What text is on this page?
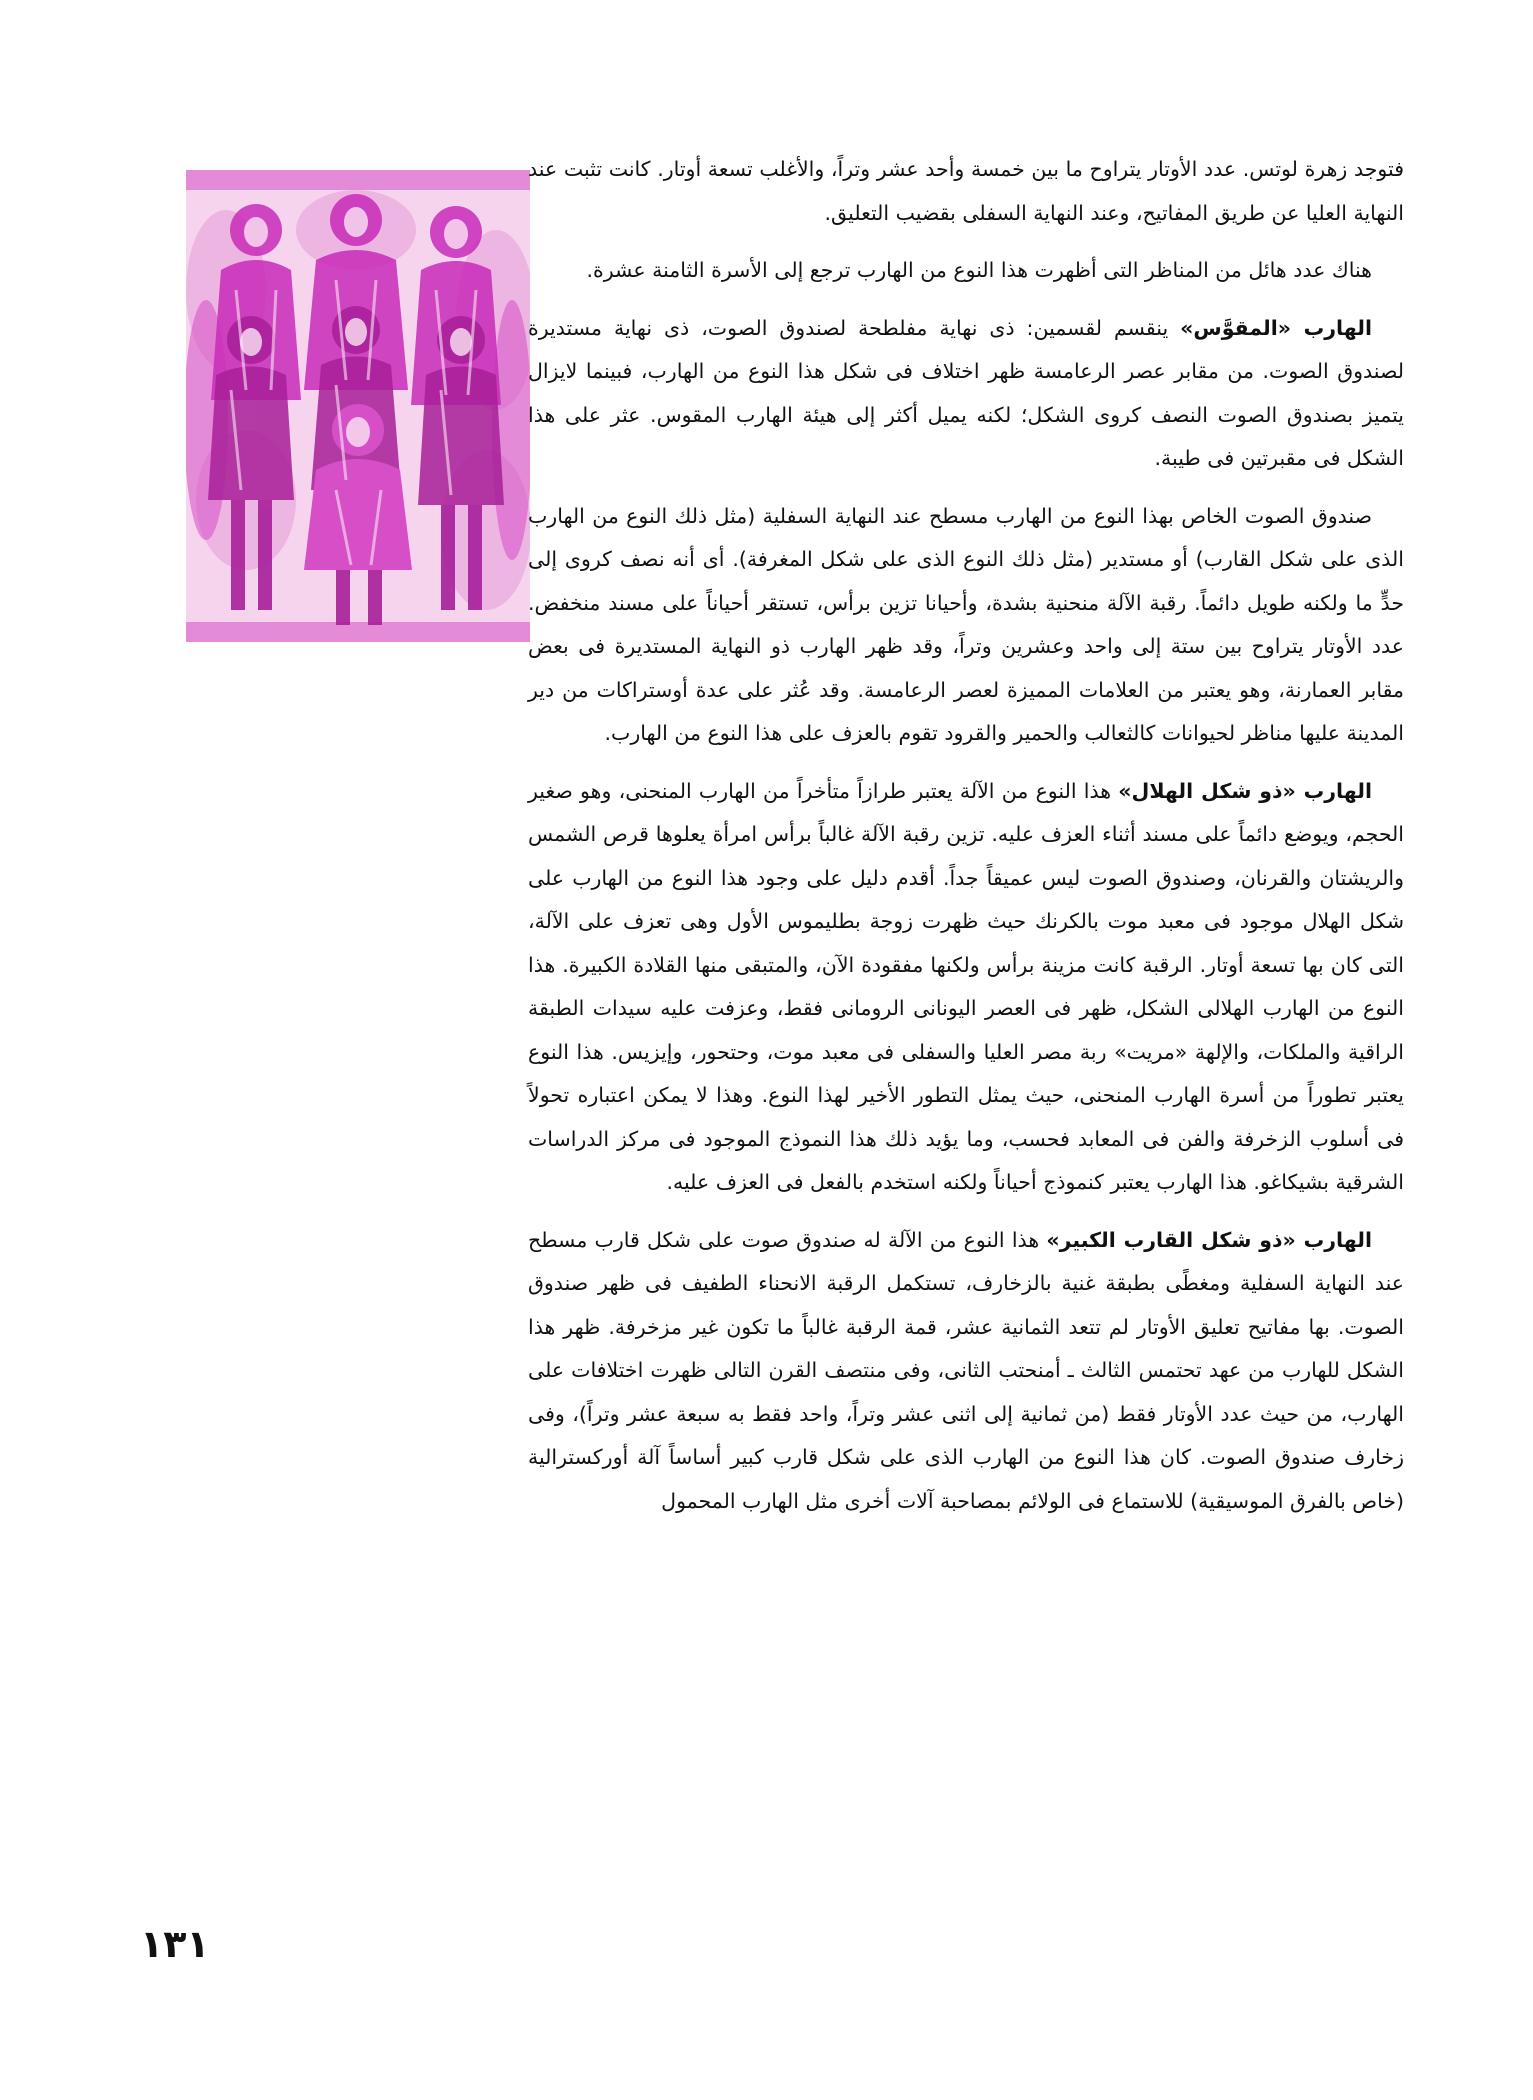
فتوجد زهرة لوتس. عدد الأوتار يتراوح ما بين خمسة وأحد عشر وتراً، والأغلب تسعة أوتار. كانت تثبت عند النهاية العليا عن طريق المفاتيح، وعند النهاية السفلى بقضيب التعليق.

هناك عدد هائل من المناظر التى أظهرت هذا النوع من الهارب ترجع إلى الأسرة الثامنة عشرة.

الهارب «المقوَّس» ينقسم لقسمين: ذى نهاية مفلطحة لصندوق الصوت، ذى نهاية مستديرة لصندوق الصوت. من مقابر عصر الرعامسة ظهر اختلاف فى شكل هذا النوع من الهارب، فبينما لايزال يتميز بصندوق الصوت النصف كروى الشكل؛ لكنه يميل أكثر إلى هيئة الهارب المقوس. عثر على هذا الشكل فى مقبرتين فى طيبة.

صندوق الصوت الخاص بهذا النوع من الهارب مسطح عند النهاية السفلية (مثل ذلك النوع من الهارب الذى على شكل القارب) أو مستدير (مثل ذلك النوع الذى على شكل المغرفة). أى أنه نصف كروى إلى حدٍّ ما ولكنه طويل دائماً. رقبة الآلة منحنية بشدة، وأحيانا تزين برأس، تستقر أحياناً على مسند منخفض. عدد الأوتار يتراوح بين ستة إلى واحد وعشرين وتراً، وقد ظهر الهارب ذو النهاية المستديرة فى بعض مقابر العمارنة، وهو يعتبر من العلامات المميزة لعصر الرعامسة. وقد عُثر على عدة أوستراكات من دير المدينة عليها مناظر لحيوانات كالثعالب والحمير والقرود تقوم بالعزف على هذا النوع من الهارب.

الهارب «ذو شكل الهلال» هذا النوع من الآلة يعتبر طرازاً متأخراً من الهارب المنحنى، وهو صغير الحجم، ويوضع دائماً على مسند أثناء العزف عليه. تزين رقبة الآلة غالباً برأس امرأة يعلوها قرص الشمس والريشتان والقرنان، وصندوق الصوت ليس عميقاً جداً. أقدم دليل على وجود هذا النوع من الهارب على شكل الهلال موجود فى معبد موت بالكرنك حيث ظهرت زوجة بطليموس الأول وهى تعزف على الآلة، التى كان بها تسعة أوتار. الرقبة كانت مزينة برأس ولكنها مفقودة الآن، والمتبقى منها القلادة الكبيرة. هذا النوع من الهارب الهلالى الشكل، ظهر فى العصر اليونانى الرومانى فقط، وعزفت عليه سيدات الطبقة الراقية والملكات، والإلهة «مريت» ربة مصر العليا والسفلى فى معبد موت، وحتحور، وإيزيس. هذا النوع يعتبر تطوراً من أسرة الهارب المنحنى، حيث يمثل التطور الأخير لهذا النوع. وهذا لا يمكن اعتباره تحولاً فى أسلوب الزخرفة والفن فى المعابد فحسب، وما يؤيد ذلك هذا النموذج الموجود فى مركز الدراسات الشرقية بشيكاغو. هذا الهارب يعتبر كنموذج أحياناً ولكنه استخدم بالفعل فى العزف عليه.

الهارب «ذو شكل القارب الكبير» هذا النوع من الآلة له صندوق صوت على شكل قارب مسطح عند النهاية السفلية ومغطًى بطبقة غنية بالزخارف، تستكمل الرقبة الانحناء الطفيف فى ظهر صندوق الصوت. بها مفاتيح تعليق الأوتار لم تتعد الثمانية عشر، قمة الرقبة غالباً ما تكون غير مزخرفة. ظهر هذا الشكل للهارب من عهد تحتمس الثالث ـ أمنحتب الثانى، وفى منتصف القرن التالى ظهرت اختلافات على الهارب، من حيث عدد الأوتار فقط (من ثمانية إلى اثنى عشر وتراً، واحد فقط به سبعة عشر وتراً)، وفى زخارف صندوق الصوت. كان هذا النوع من الهارب الذى على شكل قارب كبير أساساً آلة أوركسترالية (خاص بالفرق الموسيقية) للاستماع فى الولائم بمصاحبة آلات أخرى مثل الهارب المحمول

١٣١
